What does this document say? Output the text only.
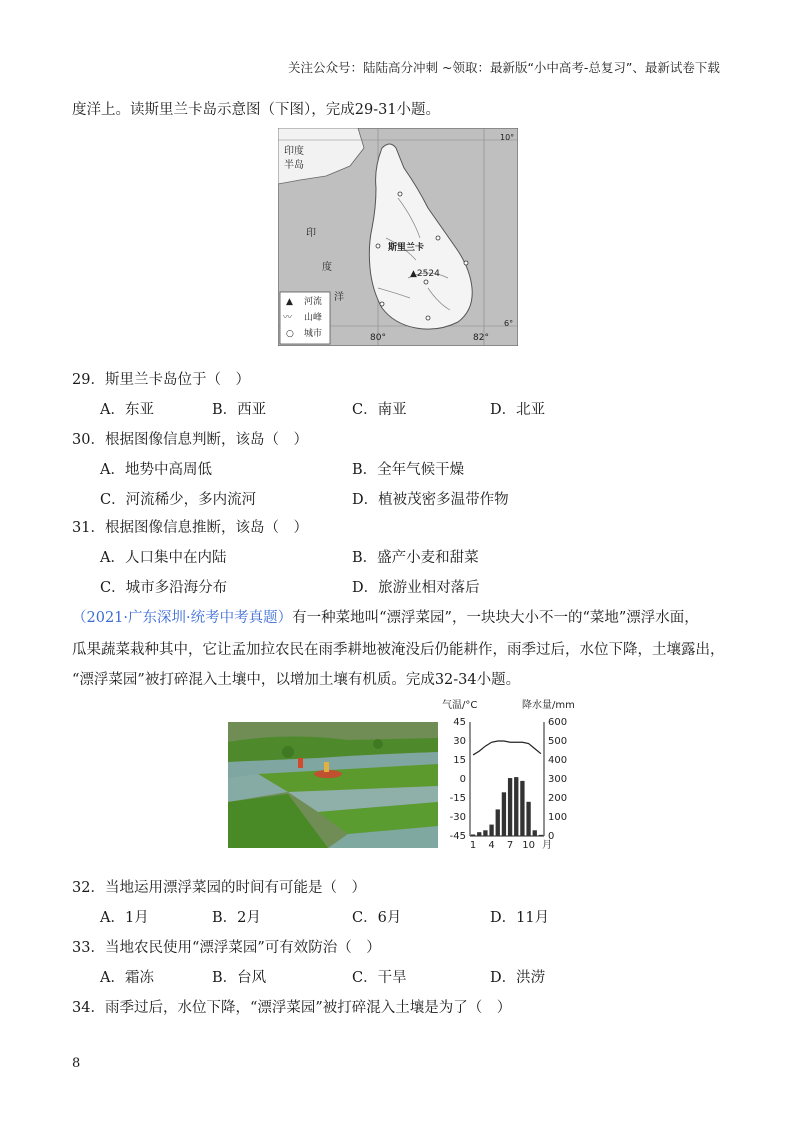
关注公众号：陆陆高分冲刺 ~领取：最新版“小中高考-总复习”、最新试卷下载
度洋上。读斯里兰卡岛示意图（下图），完成29-31小题。
印度
半岛
印
度
洋
斯里兰卡
▲2524
10°
6°
80°	82°
▲ 河流
〰 山峰
○ 城市
29．斯里兰卡岛位于（　）
A．东亚	B．西亚	C．南亚	D．北亚
30．根据图像信息判断，该岛（　）
A．地势中高周低	B．全年气候干燥
C．河流稀少，多内流河	D．植被茂密多温带作物
31．根据图像信息推断，该岛（　）
A．人口集中在内陆	B．盛产小麦和甜菜
C．城市多沿海分布	D．旅游业相对落后
（2021·广东深圳·统考中考真题）有一种菜地叫“漂浮菜园”，一块块大小不一的“菜地”漂浮水面，
瓜果蔬菜栽种其中，它让孟加拉农民在雨季耕地被淹没后仍能耕作，雨季过后，水位下降，土壤露出，
“漂浮菜园”被打碎混入土壤中，以增加土壤有机质。完成32-34小题。
气温/°C	降水量/mm
45
30
15
0
-15
-30
-45
600
500
400
300
200
100
0
1 4 7 10 月
32．当地运用漂浮菜园的时间有可能是（　）
A．1月	B．2月	C．6月	D．11月
33．当地农民使用“漂浮菜园”可有效防治（　）
A．霜冻	B．台风	C．干旱	D．洪涝
34．雨季过后，水位下降，“漂浮菜园”被打碎混入土壤是为了（　）
8
